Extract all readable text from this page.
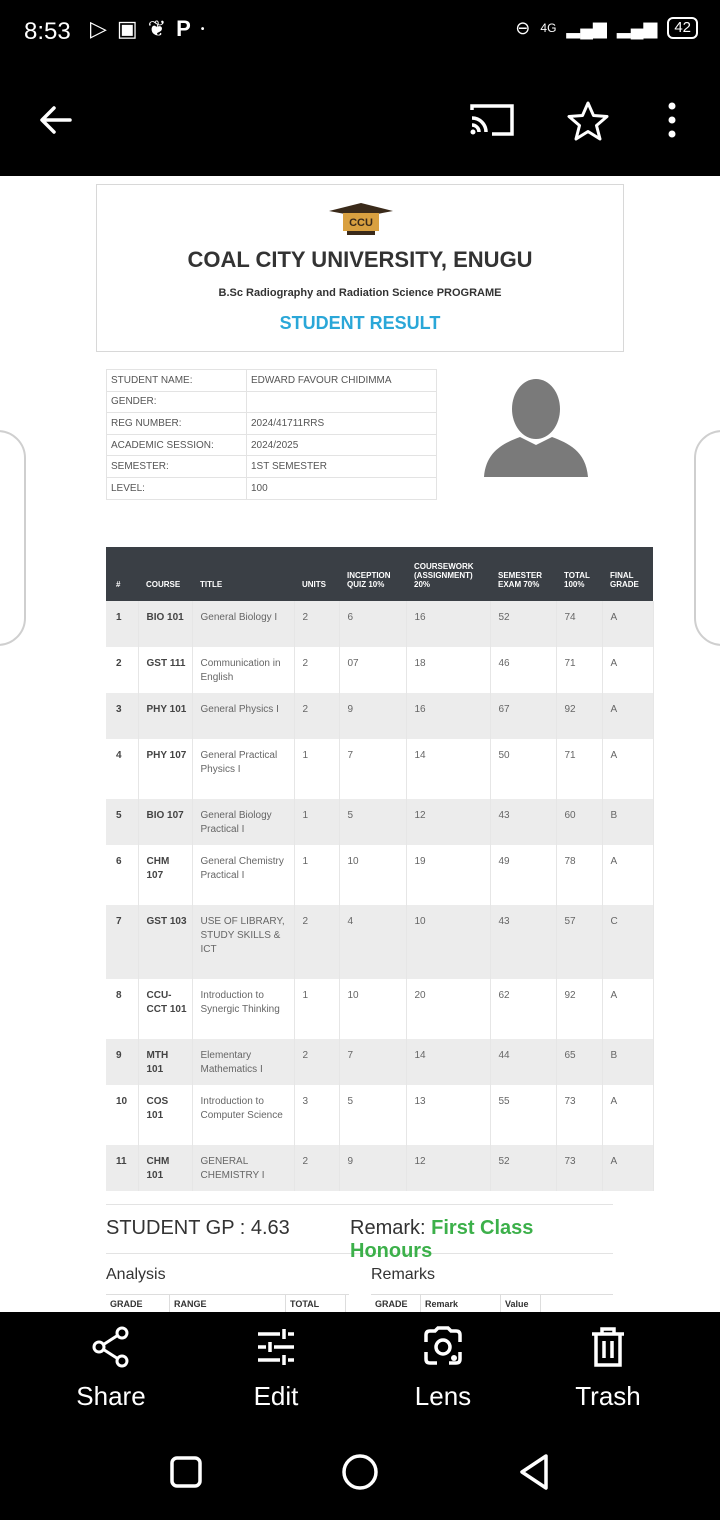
8:53 ▷ ▣ ❦ P •	⊖ 4G ▂▄▆ ▂▄▆	42
CCU
COAL CITY UNIVERSITY, ENUGU
B.Sc Radiography and Radiation Science PROGRAME
STUDENT RESULT
STUDENT NAME:	EDWARD FAVOUR CHIDIMMA
GENDER:	
REG NUMBER:	2024/41711RRS
ACADEMIC SESSION:	2024/2025
SEMESTER:	1ST SEMESTER
LEVEL:	100
#	COURSE	TITLE	UNITS	INCEPTION QUIZ 10%	COURSEWORK (ASSIGNMENT) 20%	SEMESTER EXAM 70%	TOTAL 100%	FINAL GRADE
1	BIO 101	General Biology I	2	6	16	52	74	A
2	GST 111	Communication in English	2	07	18	46	71	A
3	PHY 101	General Physics I	2	9	16	67	92	A
4	PHY 107	General Practical Physics I	1	7	14	50	71	A
5	BIO 107	General Biology Practical I	1	5	12	43	60	B
6	CHM 107	General Chemistry Practical I	1	10	19	49	78	A
7	GST 103	USE OF LIBRARY, STUDY SKILLS & ICT	2	4	10	43	57	C
8	CCU-CCT 101	Introduction to Synergic Thinking	1	10	20	62	92	A
9	MTH 101	Elementary Mathematics I	2	7	14	44	65	B
10	COS 101	Introduction to Computer Science	3	5	13	55	73	A
11	CHM 101	GENERAL CHEMISTRY I	2	9	12	52	73	A
STUDENT GP : 4.63	Remark: First Class Honours
Analysis	Remarks
GRADE	RANGE	TOTAL	GRADE	Remark	Value
Share	Edit	Lens	Trash
